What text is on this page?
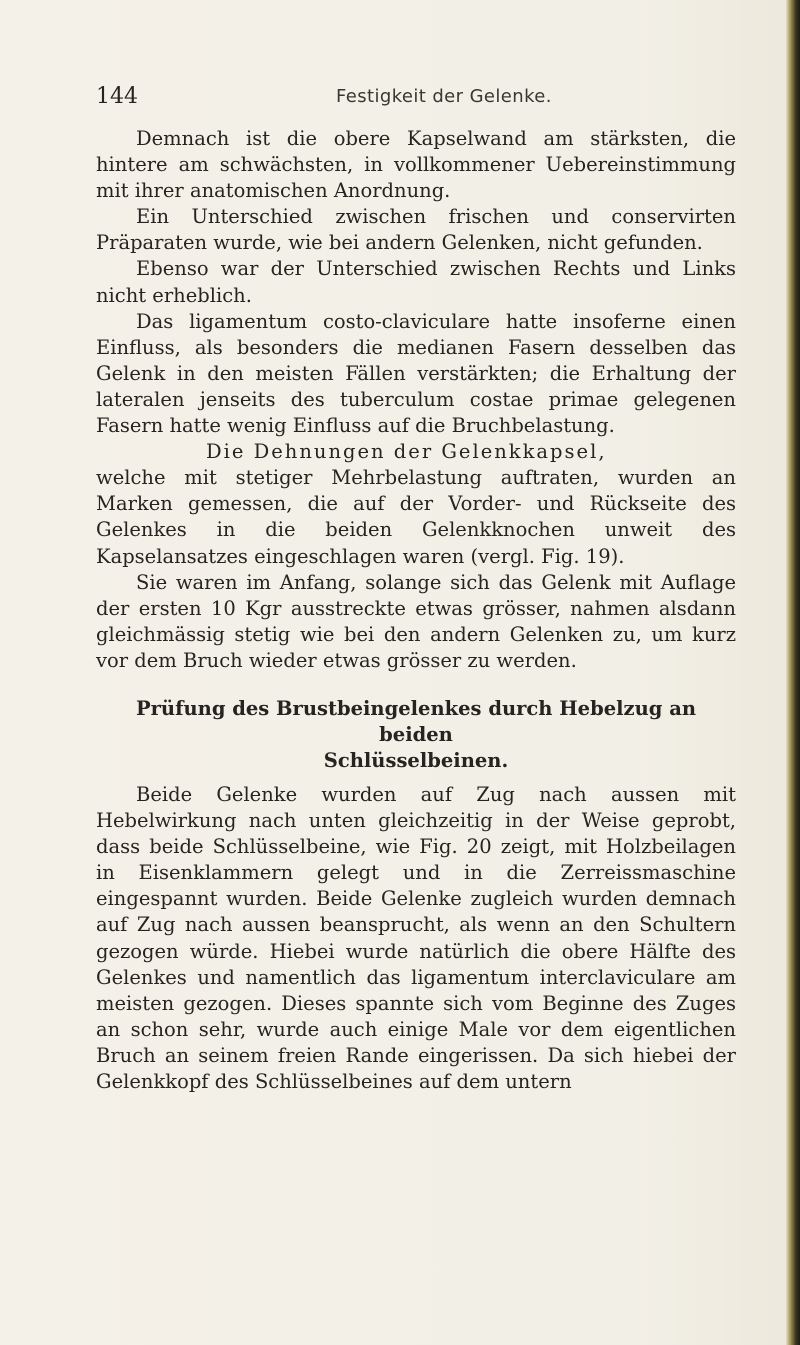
144	Festigkeit der Gelenke.

Demnach ist die obere Kapselwand am stärksten, die hintere am schwächsten, in vollkommener Uebereinstimmung mit ihrer anatomischen Anordnung.

Ein Unterschied zwischen frischen und conservirten Präparaten wurde, wie bei andern Gelenken, nicht gefunden.

Ebenso war der Unterschied zwischen Rechts und Links nicht erheblich.

Das ligamentum costo-claviculare hatte insoferne einen Einfluss, als besonders die medianen Fasern desselben das Gelenk in den meisten Fällen verstärkten; die Erhaltung der lateralen jenseits des tuberculum costae primae gelegenen Fasern hatte wenig Einfluss auf die Bruchbelastung.

Die Dehnungen der Gelenkkapsel,

welche mit stetiger Mehrbelastung auftraten, wurden an Marken gemessen, die auf der Vorder- und Rückseite des Gelenkes in die beiden Gelenkknochen unweit des Kapselansatzes eingeschlagen waren (vergl. Fig. 19).

Sie waren im Anfang, solange sich das Gelenk mit Auflage der ersten 10 Kgr ausstreckte etwas grösser, nahmen alsdann gleichmässig stetig wie bei den andern Gelenken zu, um kurz vor dem Bruch wieder etwas grösser zu werden.

Prüfung des Brustbeingelenkes durch Hebelzug an beiden
Schlüsselbeinen.

Beide Gelenke wurden auf Zug nach aussen mit Hebelwirkung nach unten gleichzeitig in der Weise geprobt, dass beide Schlüsselbeine, wie Fig. 20 zeigt, mit Holzbeilagen in Eisenklammern gelegt und in die Zerreissmaschine eingespannt wurden. Beide Gelenke zugleich wurden demnach auf Zug nach aussen beansprucht, als wenn an den Schultern gezogen würde. Hiebei wurde natürlich die obere Hälfte des Gelenkes und namentlich das ligamentum interclaviculare am meisten gezogen. Dieses spannte sich vom Beginne des Zuges an schon sehr, wurde auch einige Male vor dem eigentlichen Bruch an seinem freien Rande eingerissen. Da sich hiebei der Gelenkkopf des Schlüsselbeines auf dem untern
